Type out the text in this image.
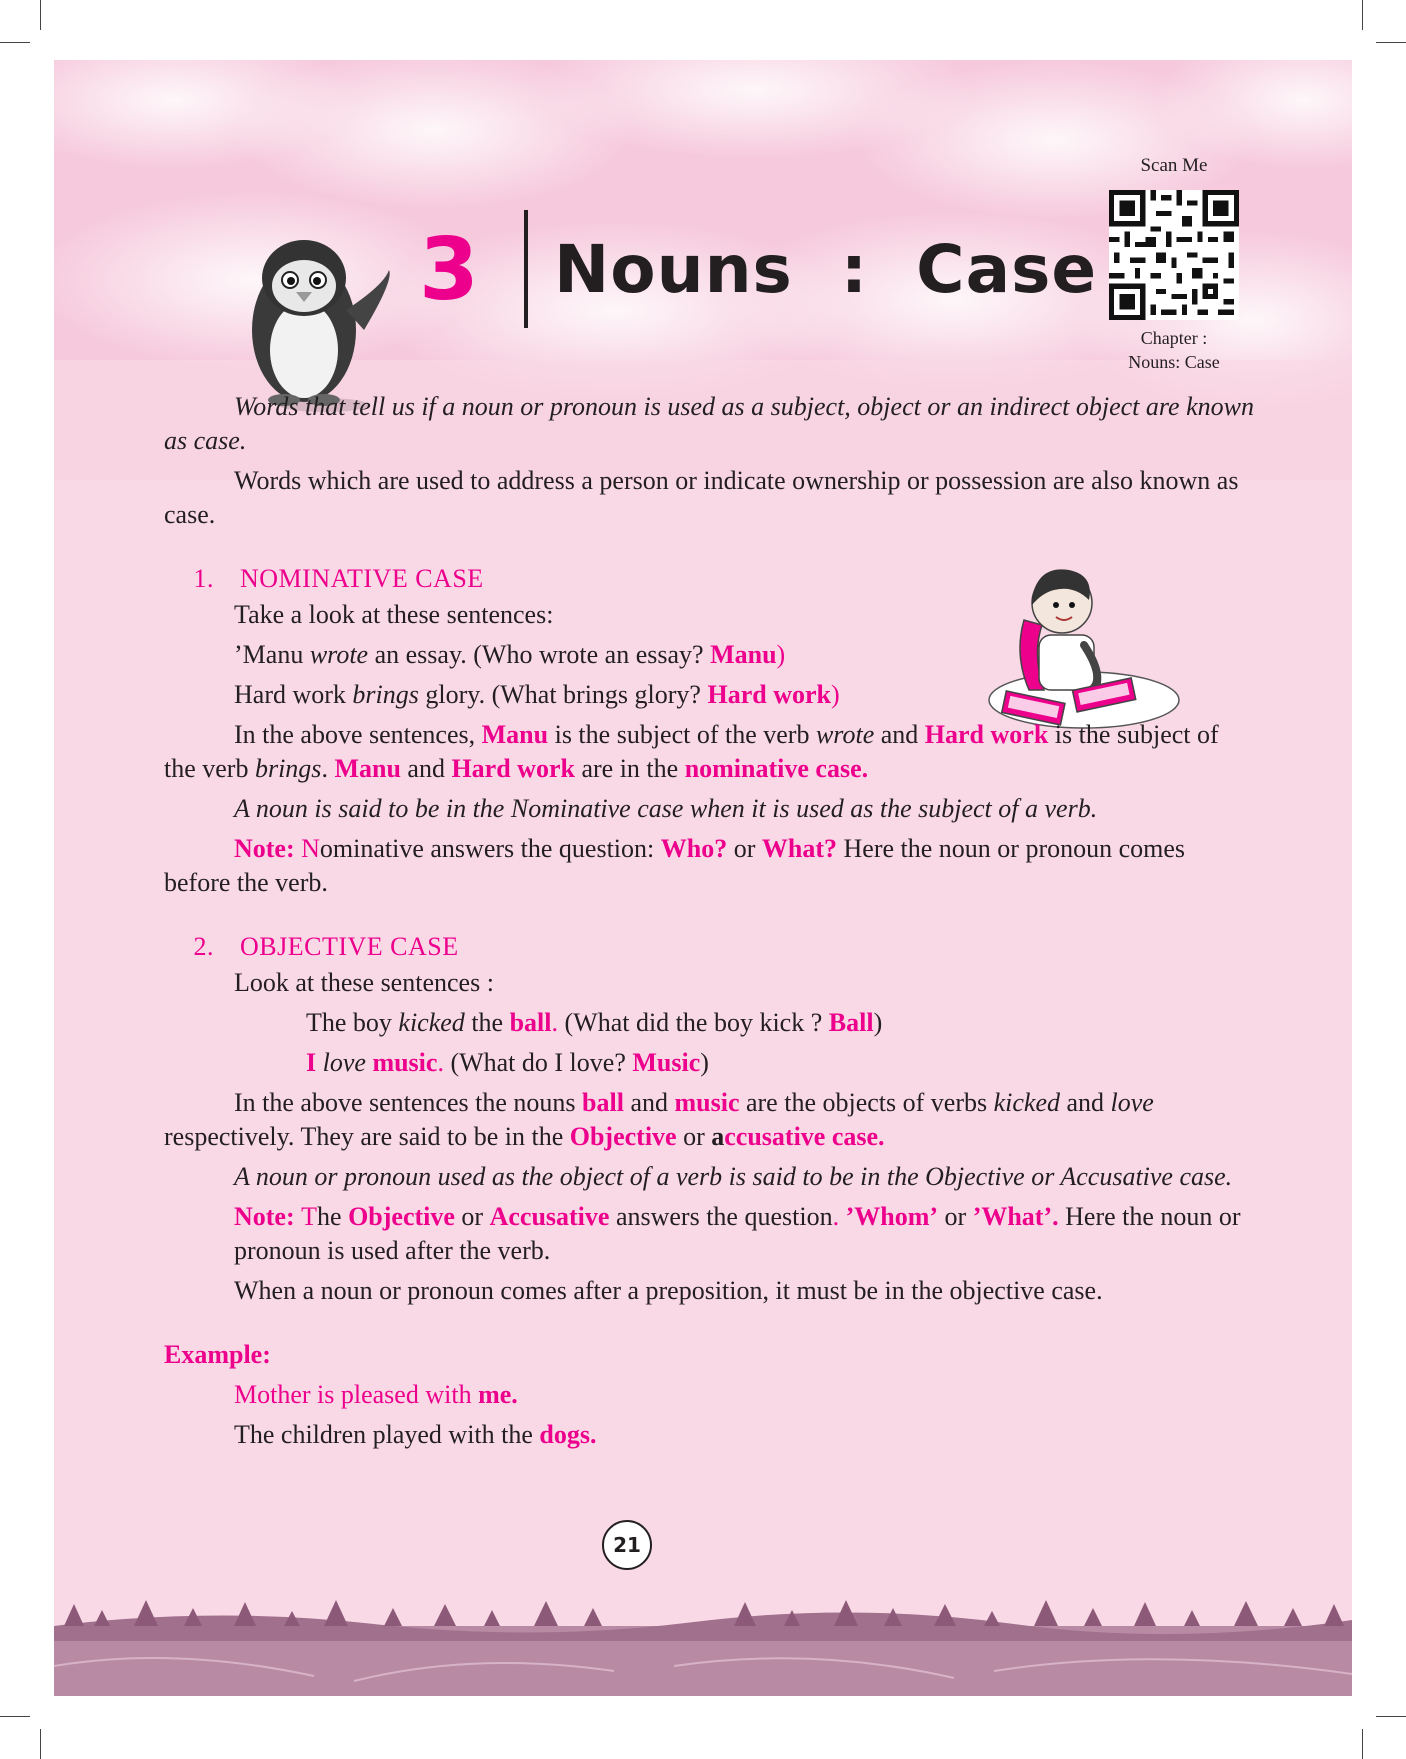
3 Nouns  :  Case
Scan Me
Chapter :
Nouns: Case

Words that tell us if a noun or pronoun is used as a subject, object or an indirect object are known as case.

Words which are used to address a person or indicate ownership or possession are also known as case.

1. NOMINATIVE CASE

Take a look at these sentences:

’Manu wrote an essay. (Who wrote an essay? Manu)

Hard work brings glory. (What brings glory? Hard work)

In the above sentences, Manu is the subject of the verb wrote and Hard work is the subject of the verb brings. Manu and Hard work are in the nominative case.

A noun is said to be in the Nominative case when it is used as the subject of a verb.

Note: Nominative answers the question: Who? or What? Here the noun or pronoun comes before the verb.

2. OBJECTIVE CASE

Look at these sentences :

The boy kicked the ball. (What did the boy kick ? Ball)

I love music. (What do I love? Music)

In the above sentences the nouns ball and music are the objects of verbs kicked and love respectively. They are said to be in the Objective or accusative case.

A noun or pronoun used as the object of a verb is said to be in the Objective or Accusative case.

Note: The Objective or Accusative answers the question. ’Whom’ or ’What’. Here the noun or pronoun is used after the verb.

When a noun or pronoun comes after a preposition, it must be in the objective case.

Example:

Mother is pleased with me.

The children played with the dogs.

21
